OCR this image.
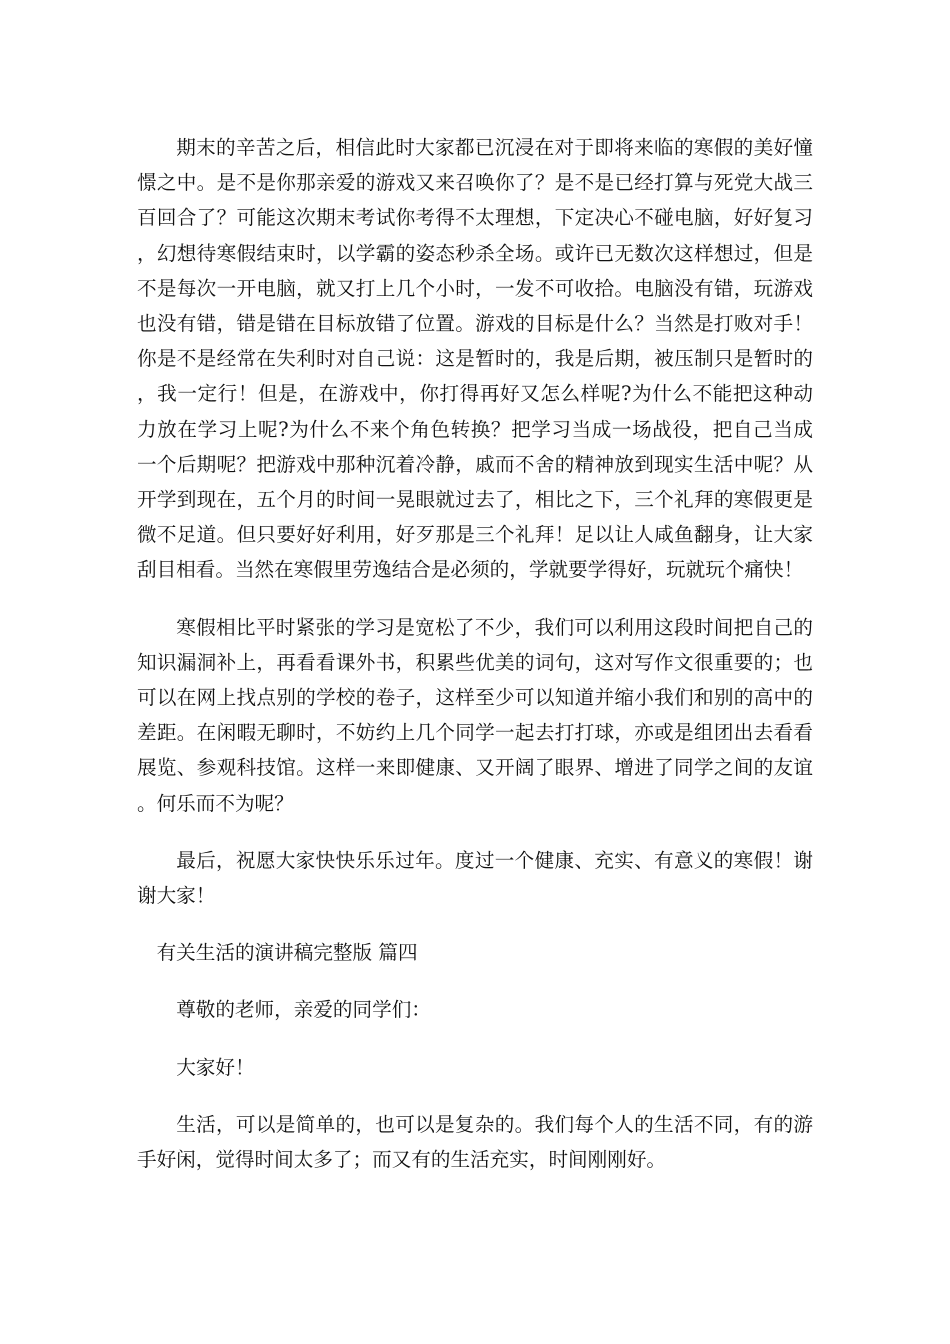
期末的辛苦之后，相信此时大家都已沉浸在对于即将来临的寒假的美好憧憬之中。是不是你那亲爱的游戏又来召唤你了？是不是已经打算与死党大战三百回合了？可能这次期末考试你考得不太理想，下定决心不碰电脑，好好复习，幻想待寒假结束时，以学霸的姿态秒杀全场。或许已无数次这样想过，但是不是每次一开电脑，就又打上几个小时，一发不可收拾。电脑没有错，玩游戏也没有错，错是错在目标放错了位置。游戏的目标是什么？当然是打败对手！你是不是经常在失利时对自己说：这是暂时的，我是后期，被压制只是暂时的，我一定行！但是，在游戏中，你打得再好又怎么样呢?为什么不能把这种动力放在学习上呢?为什么不来个角色转换？把学习当成一场战役，把自己当成一个后期呢？把游戏中那种沉着冷静，戚而不舍的精神放到现实生活中呢？从开学到现在，五个月的时间一晃眼就过去了，相比之下，三个礼拜的寒假更是微不足道。但只要好好利用，好歹那是三个礼拜！足以让人咸鱼翻身，让大家刮目相看。当然在寒假里劳逸结合是必须的，学就要学得好，玩就玩个痛快！

寒假相比平时紧张的学习是宽松了不少，我们可以利用这段时间把自己的知识漏洞补上，再看看课外书，积累些优美的词句，这对写作文很重要的；也可以在网上找点别的学校的卷子，这样至少可以知道并缩小我们和别的高中的差距。在闲暇无聊时，不妨约上几个同学一起去打打球，亦或是组团出去看看展览、参观科技馆。这样一来即健康、又开阔了眼界、增进了同学之间的友谊。何乐而不为呢？

最后，祝愿大家快快乐乐过年。度过一个健康、充实、有意义的寒假！谢谢大家！

有关生活的演讲稿完整版 篇四

尊敬的老师，亲爱的同学们：

大家好！

生活，可以是简单的，也可以是复杂的。我们每个人的生活不同，有的游手好闲，觉得时间太多了；而又有的生活充实，时间刚刚好。
